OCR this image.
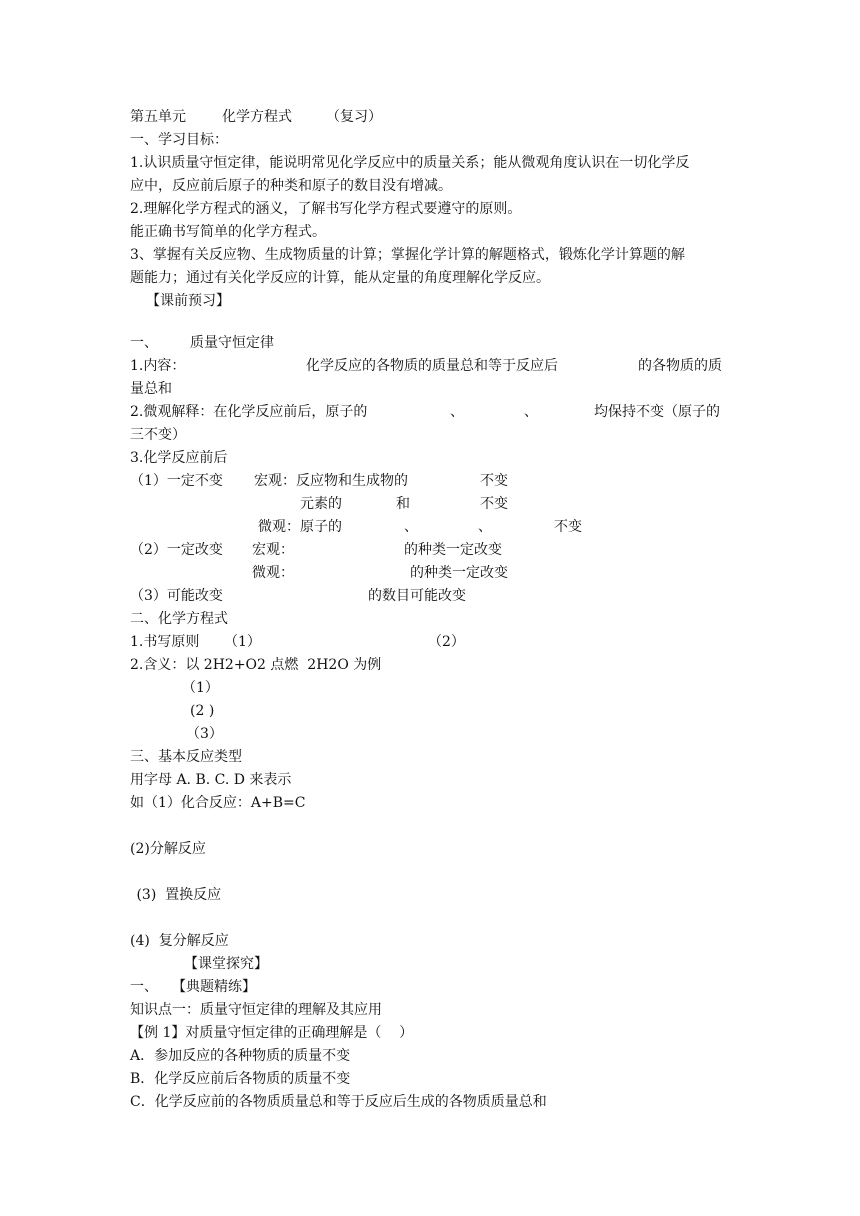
第五单元	化学方程式 （复习）
一、学习目标：
1.认识质量守恒定律，能说明常见化学反应中的质量关系；能从微观角度认识在一切化学反
应中，反应前后原子的种类和原子的数目没有增减。
2.理解化学方程式的涵义，了解书写化学方程式要遵守的原则。
能正确书写简单的化学方程式。
3、掌握有关反应物、生成物质量的计算；掌握化学计算的解题格式，锻炼化学计算题的解
题能力；通过有关化学反应的计算，能从定量的角度理解化学反应。
【课前预习】
一、 质量守恒定律
1.内容：	化学反应的各物质的质量总和等于反应后	的各物质的质
量总和
2.微观解释：在化学反应前后，原子的	、	、	均保持不变（原子的
三不变）
3.化学反应前后
（1）一定不变 宏观：反应物和生成物的	不变
元素的	和	不变
微观：原子的	、	、	不变
（2）一定改变 宏观：	的种类一定改变
微观：	的种类一定改变
（3）可能改变	的数目可能改变
二、化学方程式
1.书写原则 （1）	（2）
2.含义：以 2H2+O2 点燃  2H2O 为例
（1）
(2 )
（3）
三、基本反应类型
用字母 A. B. C. D 来表示
如（1）化合反应：A+B=C
(2)分解反应
(3)  置换反应
(4)  复分解反应
【课堂探究】
一、 【典题精练】
知识点一：质量守恒定律的理解及其应用
【例 1】对质量守恒定律的正确理解是（    ）
A．参加反应的各种物质的质量不变
B．化学反应前后各物质的质量不变
C．化学反应前的各物质质量总和等于反应后生成的各物质质量总和
